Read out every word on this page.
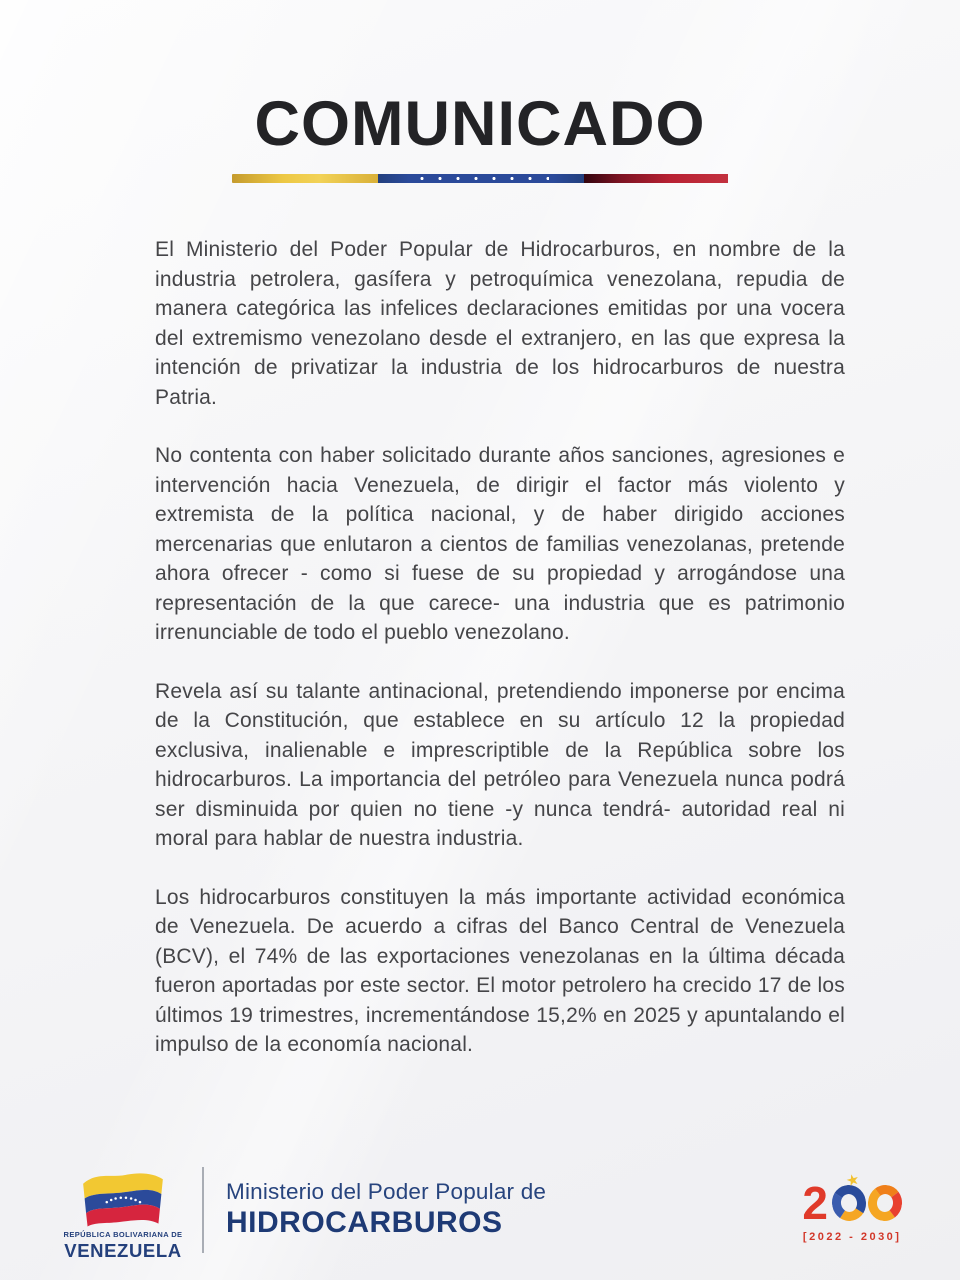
COMUNICADO

El Ministerio del Poder Popular de Hidrocarburos, en nombre de la industria petrolera, gasífera y petroquímica venezolana, repudia de manera categórica las infelices declaraciones emitidas por una vocera del extremismo venezolano desde el extranjero, en las que expresa la intención de privatizar la industria de los hidrocarburos de nuestra Patria.

No contenta con haber solicitado durante años sanciones, agresiones e intervención hacia Venezuela, de dirigir el factor más violento y extremista de la política nacional, y de haber dirigido acciones mercenarias que enlutaron a cientos de familias venezolanas, pretende ahora ofrecer - como si fuese de su propiedad y arrogándose una representación de la que carece- una industria que es patrimonio irrenunciable de todo el pueblo venezolano.

Revela así su talante antinacional, pretendiendo imponerse por encima de la Constitución, que establece en su artículo 12 la propiedad exclusiva, inalienable e imprescriptible de la República sobre los hidrocarburos. La importancia del petróleo para Venezuela nunca podrá ser disminuida por quien no tiene -y nunca tendrá- autoridad real ni moral para hablar de nuestra industria.

Los hidrocarburos constituyen la más importante actividad económica de Venezuela. De acuerdo a cifras del Banco Central de Venezuela (BCV), el 74% de las exportaciones venezolanas en la última década fueron aportadas por este sector. El motor petrolero ha crecido 17 de los últimos 19 trimestres, incrementándose 15,2% en 2025 y apuntalando el impulso de la economía nacional.

REPÚBLICA BOLIVARIANA DE
VENEZUELA
Ministerio del Poder Popular de
HIDROCARBUROS	2 ★
[2022 - 2030]
